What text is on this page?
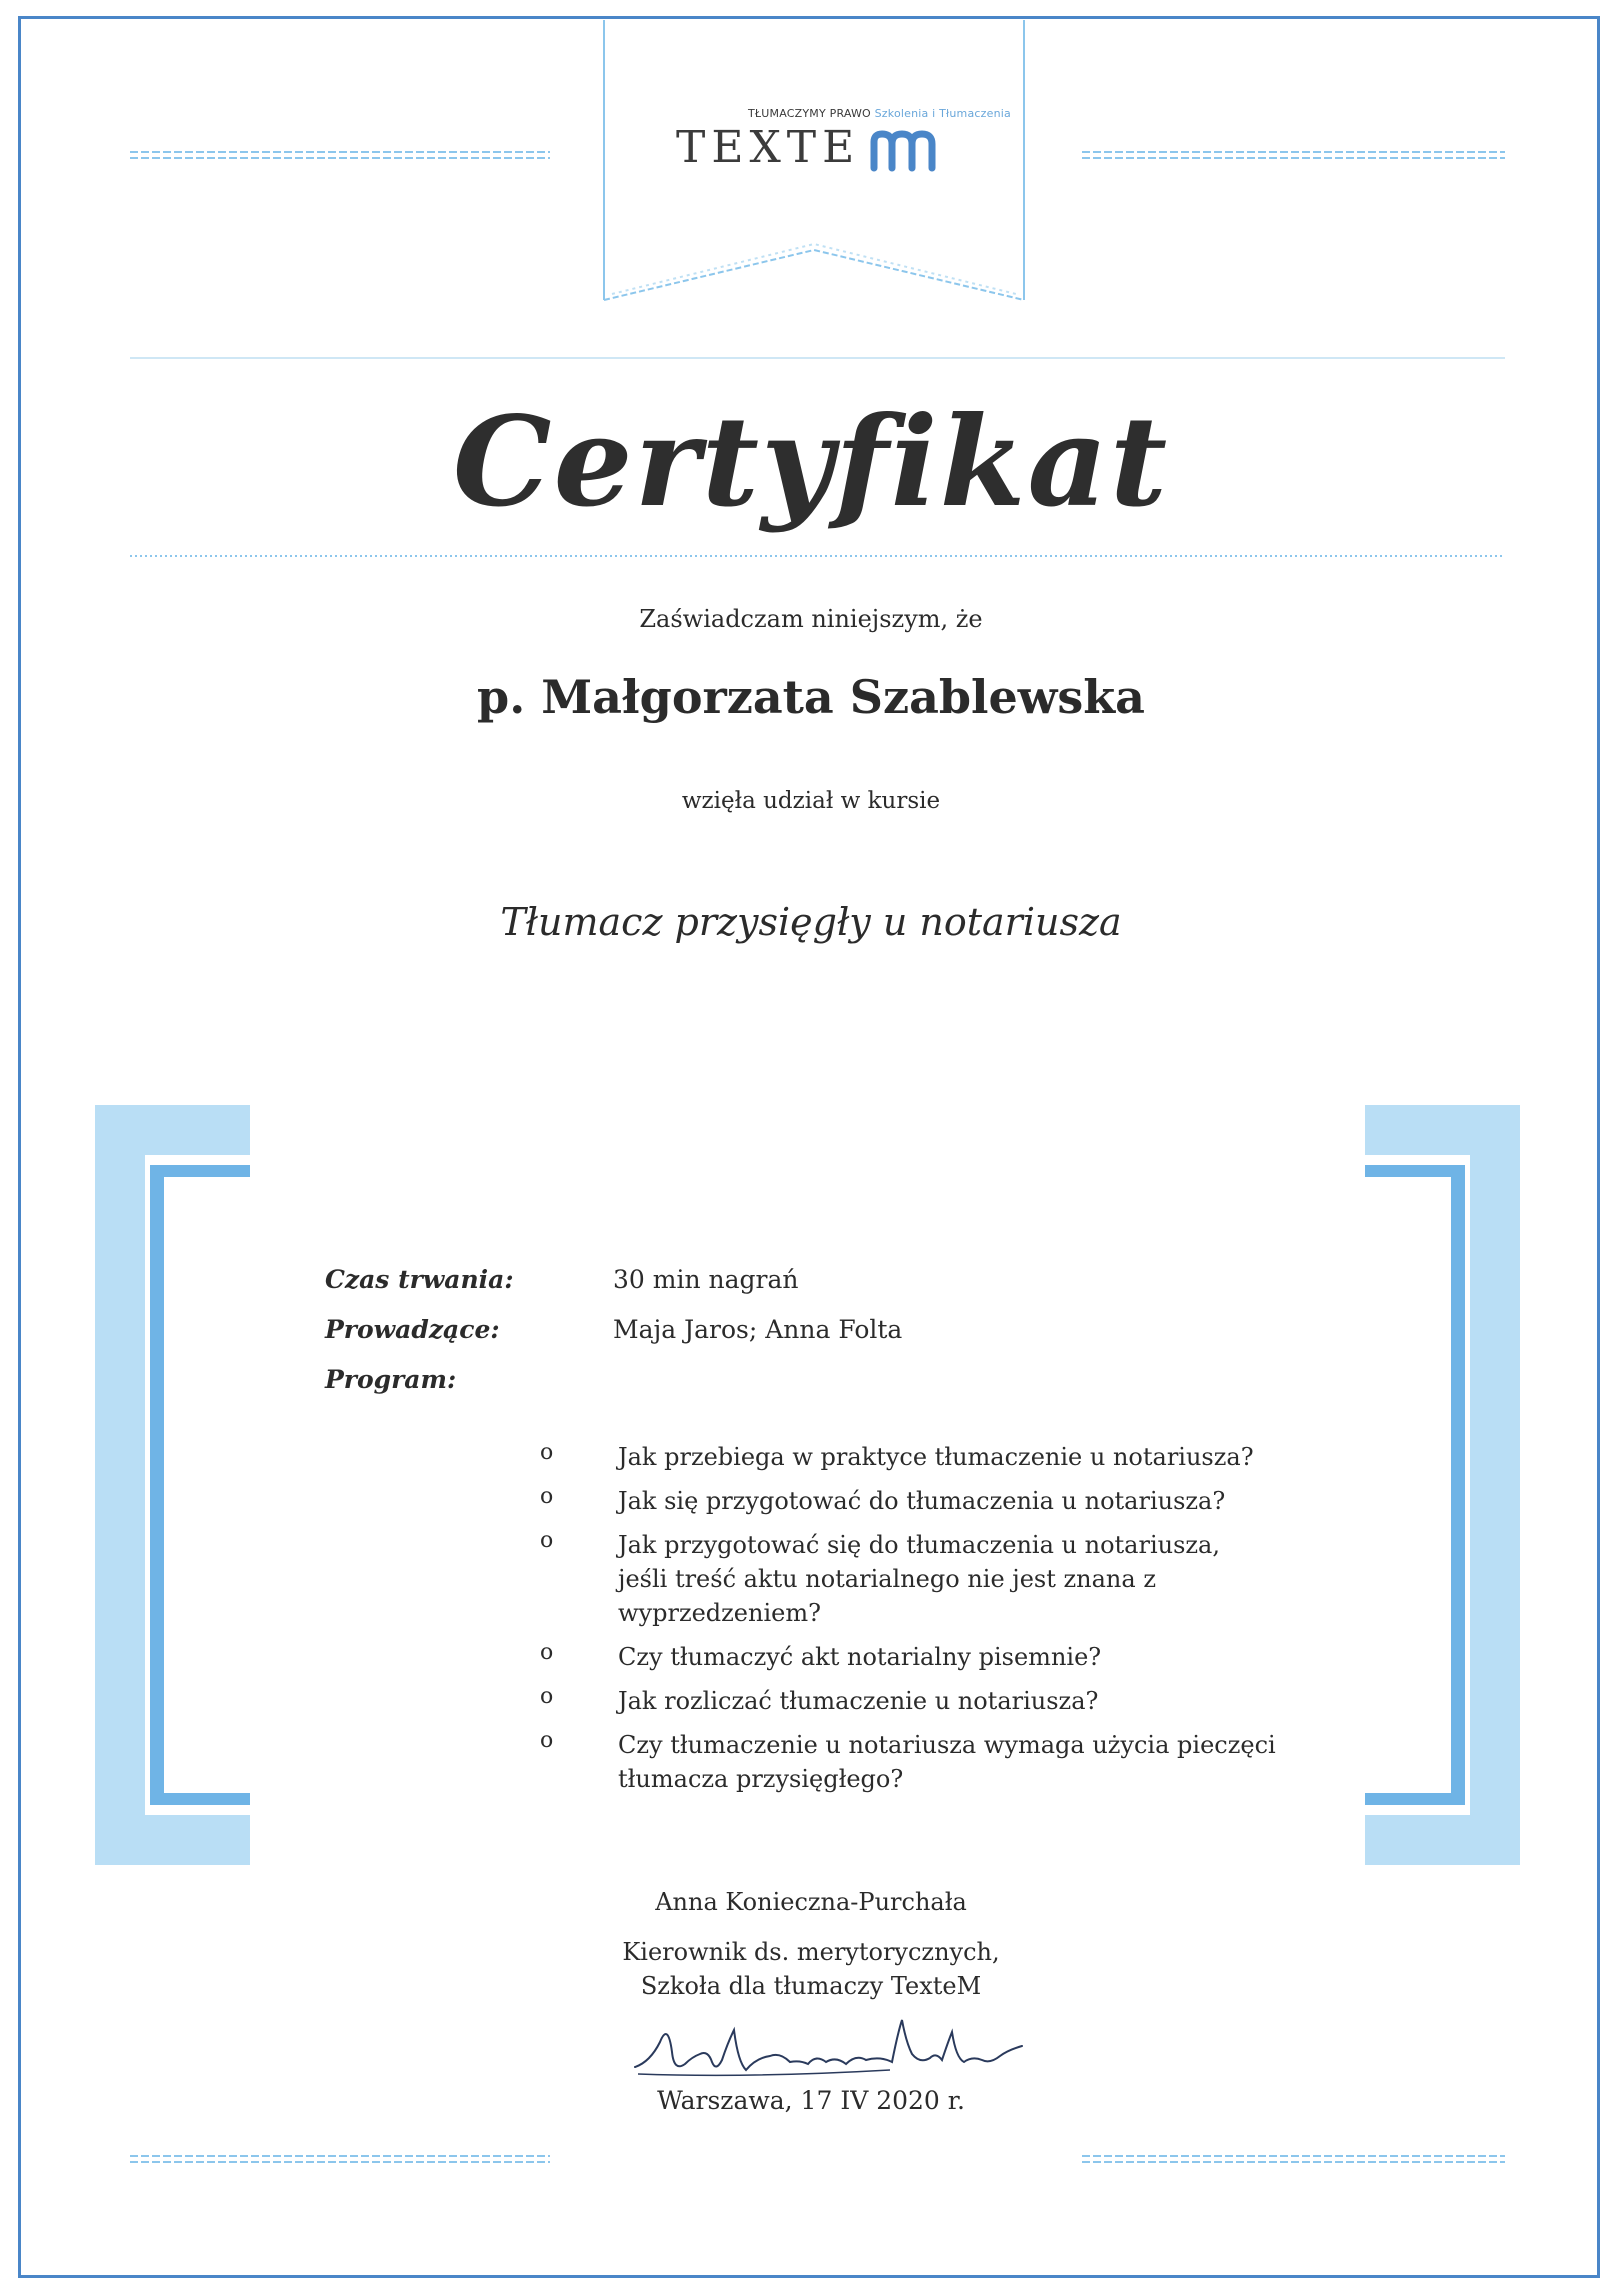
TŁUMACZYMY PRAWO Szkolenia i Tłumaczenia
TEXTE
Certyfikat
Zaświadczam niniejszym, że
p. Małgorzata Szablewska
wzięła udział w kursie
Tłumacz przysięgły u notariusza
Czas trwania:	30 min nagrań
Prowadzące:	Maja Jaros; Anna Folta
Program:
o	Jak przebiega w praktyce tłumaczenie u notariusza?
o	Jak się przygotować do tłumaczenia u notariusza?
o	Jak przygotować się do tłumaczenia u notariusza,
jeśli treść aktu notarialnego nie jest znana z
wyprzedzeniem?
o	Czy tłumaczyć akt notarialny pisemnie?
o	Jak rozliczać tłumaczenie u notariusza?
o	Czy tłumaczenie u notariusza wymaga użycia pieczęci
tłumacza przysięgłego?
Anna Konieczna-Purchała
Kierownik ds. merytorycznych,
Szkoła dla tłumaczy TexteM
Warszawa, 17 IV 2020 r.
